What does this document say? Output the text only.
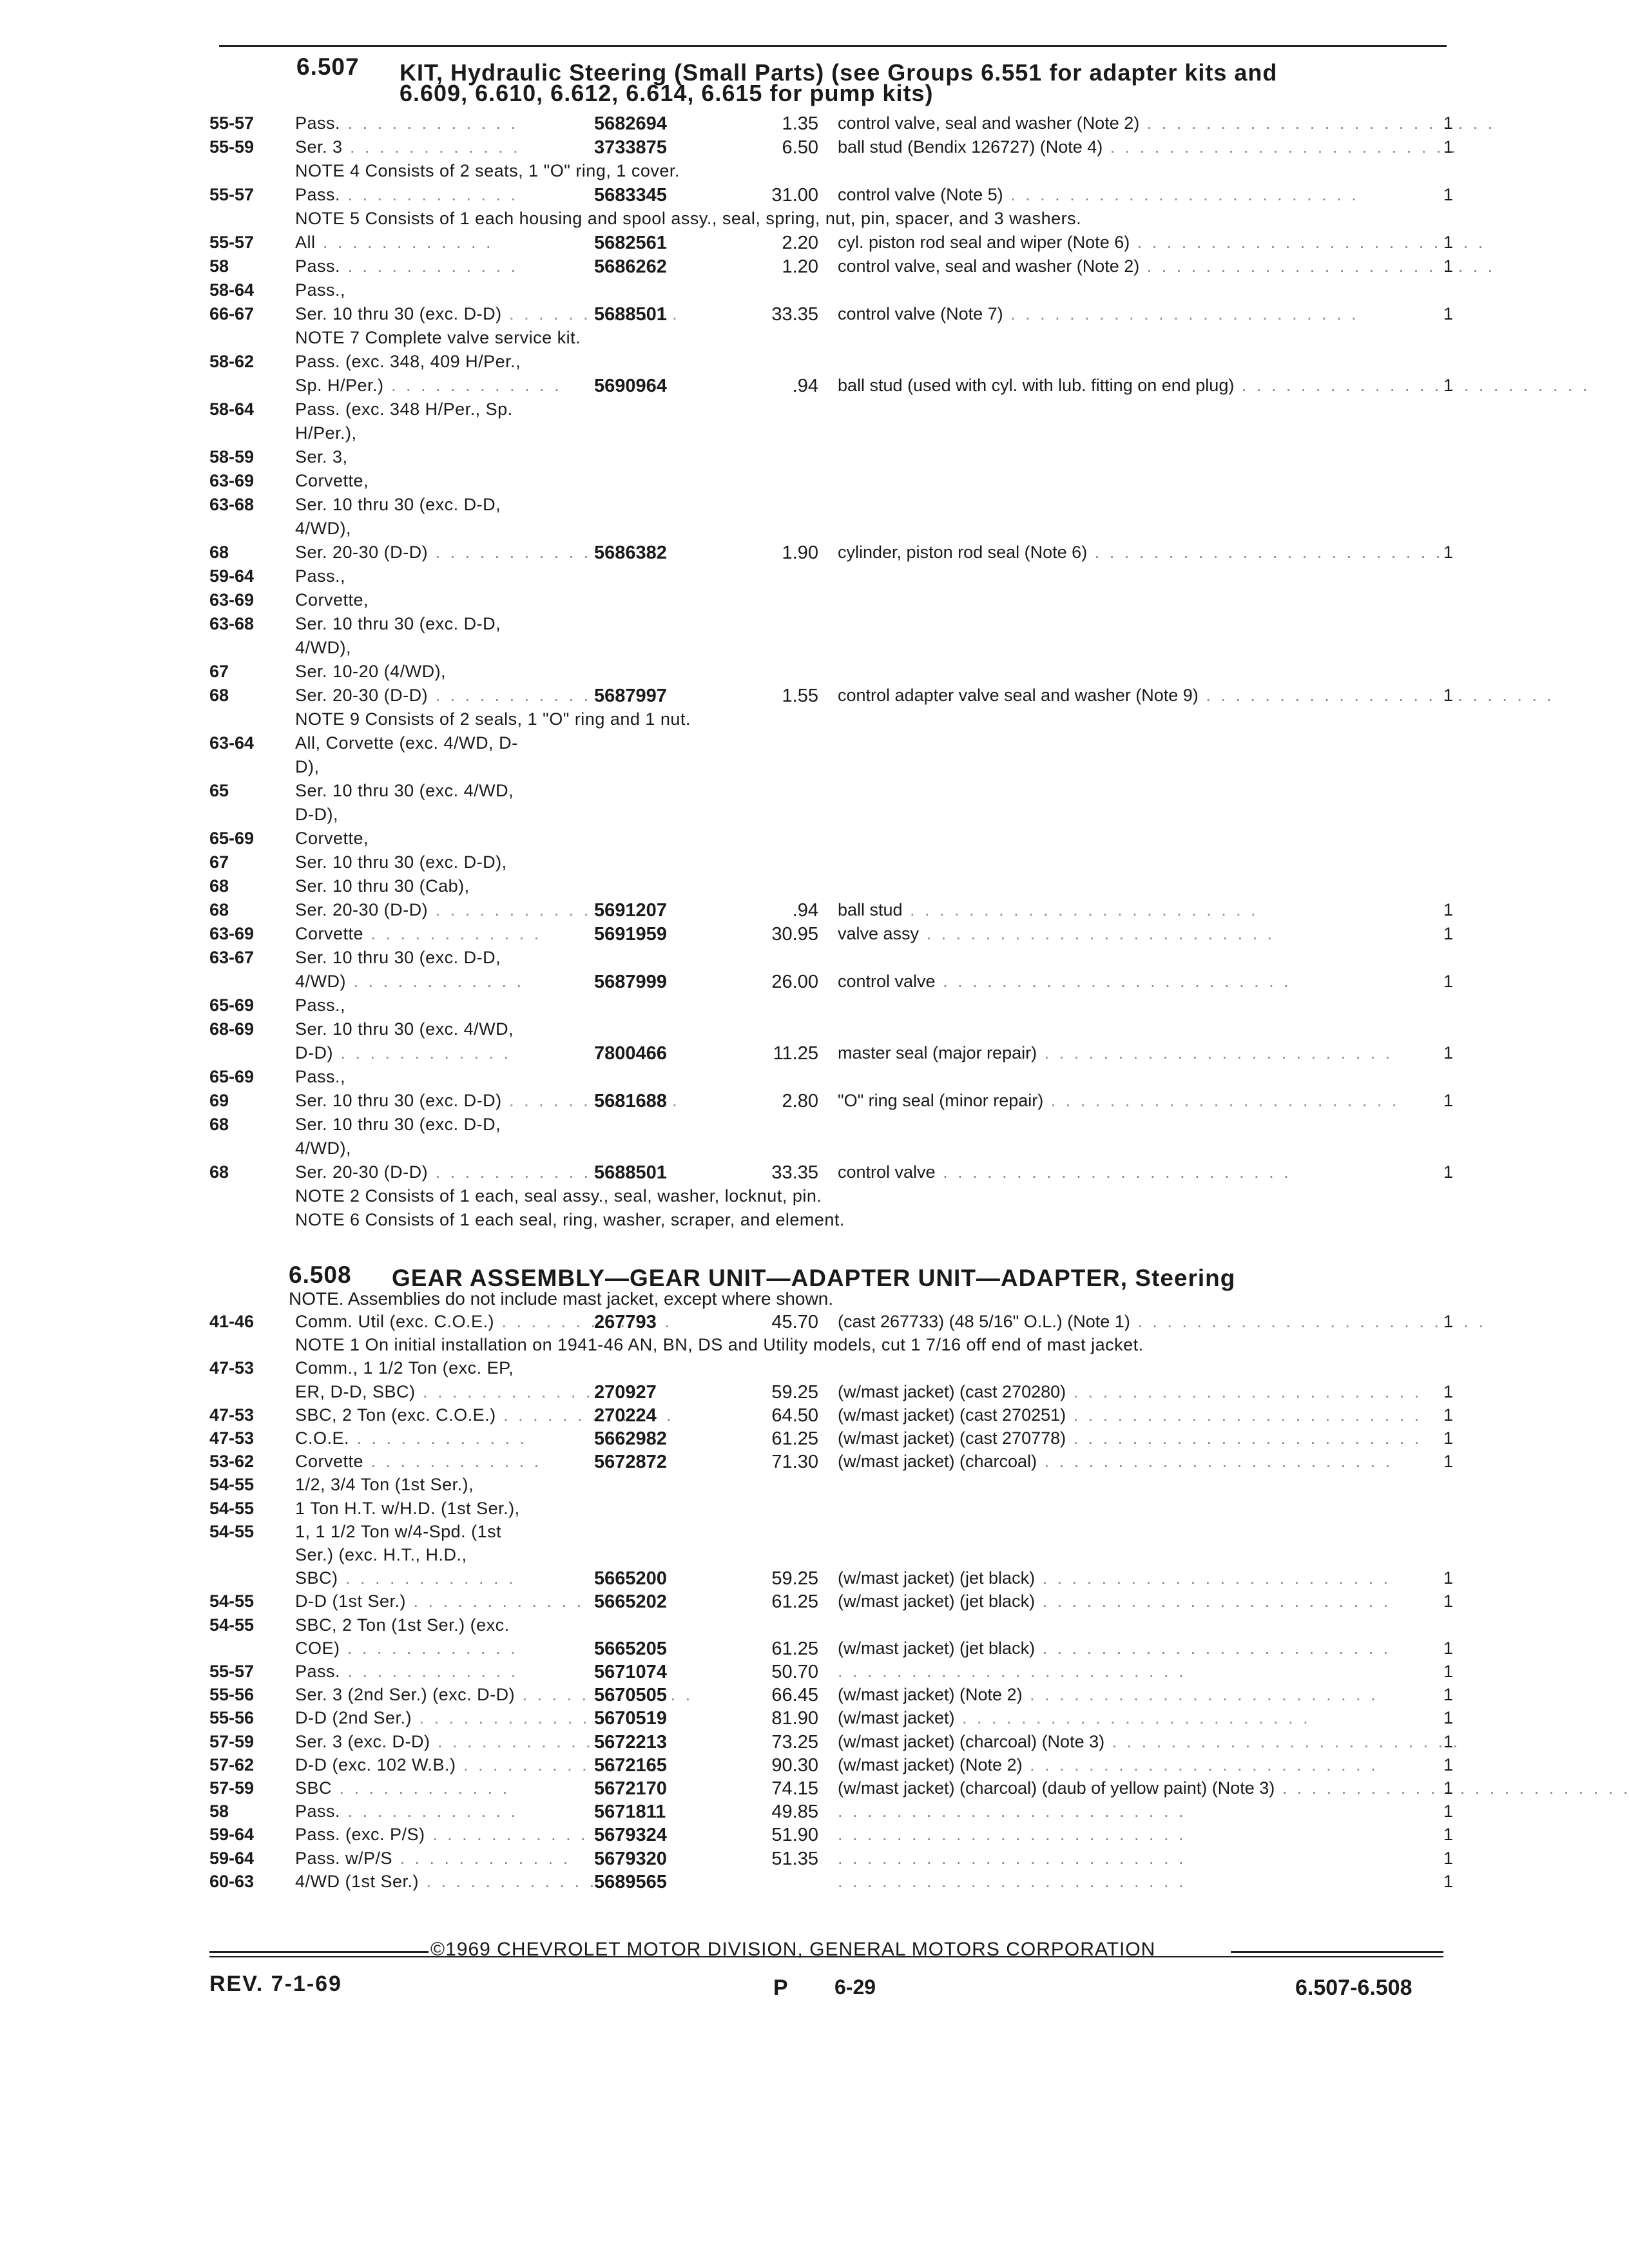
6.507 KIT, Hydraulic Steering (Small Parts) (see Groups 6.551 for adapter kits and
6.609, 6.610, 6.612, 6.614, 6.615 for pump kits)
55-57 Pass. . . .	5682694	1.35 control valve, seal and washer (Note 2) . . .	1
55-59 Ser. 3 . . .	3733875	6.50 ball stud (Bendix 126727) (Note 4) . . .	1
NOTE 4 Consists of 2 seats, 1 "O" ring, 1 cover.
55-57 Pass. . . .	5683345	31.00 control valve (Note 5) . . .	1
NOTE 5 Consists of 1 each housing and spool assy., seal, spring, nut, pin, spacer, and 3 washers.
55-57 All . . .	5682561	2.20 cyl. piston rod seal and wiper (Note 6) . . .	1
58	Pass. . . .	5686262	1.20 control valve, seal and washer (Note 2) . . .	1
58-64 Pass.,
66-67 Ser. 10 thru 30 (exc. D-D) . . .	5688501	33.35 control valve (Note 7) . . .	1
NOTE 7 Complete valve service kit.
58-62 Pass. (exc. 348, 409 H/Per.,
Sp. H/Per.) . . .	5690964	.94 ball stud (used with cyl. with lub. fitting on end plug) . . .	1
58-64 Pass. (exc. 348 H/Per., Sp.
H/Per.),
58-59 Ser. 3,
63-69 Corvette,
63-68 Ser. 10 thru 30 (exc. D-D,
4/WD),
68	Ser. 20-30 (D-D) . . .	5686382	1.90 cylinder, piston rod seal (Note 6) . . .	1
59-64 Pass.,
63-69 Corvette,
63-68 Ser. 10 thru 30 (exc. D-D,
4/WD),
67	Ser. 10-20 (4/WD),
68	Ser. 20-30 (D-D) . . .	5687997	1.55 control adapter valve seal and washer (Note 9) . . .	1
NOTE 9 Consists of 2 seals, 1 "O" ring and 1 nut.
63-64 All, Corvette (exc. 4/WD, D-
D),
65	Ser. 10 thru 30 (exc. 4/WD,
D-D),
65-69 Corvette,
67	Ser. 10 thru 30 (exc. D-D),
68	Ser. 10 thru 30 (Cab),
68	Ser. 20-30 (D-D) . . .	5691207	.94 ball stud . . .	1
63-69 Corvette . . .	5691959	30.95 valve assy . . .	1
63-67 Ser. 10 thru 30 (exc. D-D,
4/WD) . . .	5687999	26.00 control valve . . .	1
65-69 Pass.,
68-69 Ser. 10 thru 30 (exc. 4/WD,
D-D) . . .	7800466	11.25 master seal (major repair) . . .	1
65-69 Pass.,
69	Ser. 10 thru 30 (exc. D-D) . . .	5681688	2.80 "O" ring seal (minor repair) . . .	1
68	Ser. 10 thru 30 (exc. D-D,
4/WD),
68	Ser. 20-30 (D-D) . . .	5688501	33.35 control valve . . .	1
NOTE 2 Consists of 1 each, seal assy., seal, washer, locknut, pin.
NOTE 6 Consists of 1 each seal, ring, washer, scraper, and element.
6.508 GEAR ASSEMBLY—GEAR UNIT—ADAPTER UNIT—ADAPTER, Steering
NOTE. Assemblies do not include mast jacket, except where shown.
41-46 Comm. Util (exc. C.O.E.) . . .	267793	45.70 (cast 267733) (48 5/16" O.L.) (Note 1) . . .	1
NOTE 1 On initial installation on 1941-46 AN, BN, DS and Utility models, cut 1 7/16 off end of mast jacket.
47-53 Comm., 1 1/2 Ton (exc. EP,
ER, D-D, SBC) . . .	270927	59.25 (w/mast jacket) (cast 270280) . . .	1
47-53 SBC, 2 Ton (exc. C.O.E.) . . .	270224	64.50 (w/mast jacket) (cast 270251) . . .	1
47-53 C.O.E. . . .	5662982	61.25 (w/mast jacket) (cast 270778) . . .	1
53-62 Corvette . . .	5672872	71.30 (w/mast jacket) (charcoal) . . .	1
54-55 1/2, 3/4 Ton (1st Ser.),
54-55 1 Ton H.T. w/H.D. (1st Ser.),
54-55 1, 1 1/2 Ton w/4-Spd. (1st
Ser.) (exc. H.T., H.D.,
SBC) . . .	5665200	59.25 (w/mast jacket) (jet black) . . .	1
54-55 D-D (1st Ser.) . . .	5665202	61.25 (w/mast jacket) (jet black) . . .	1
54-55 SBC, 2 Ton (1st Ser.) (exc.
COE) . . .	5665205	61.25 (w/mast jacket) (jet black) . . .	1
55-57 Pass. . . .	5671074	50.70 . . .	1
55-56 Ser. 3 (2nd Ser.) (exc. D-D) . . .	5670505	66.45 (w/mast jacket) (Note 2) . . .	1
55-56 D-D (2nd Ser.) . . .	5670519	81.90 (w/mast jacket) . . .	1
57-59 Ser. 3 (exc. D-D) . . .	5672213	73.25 (w/mast jacket) (charcoal) (Note 3) . . .	1
57-62 D-D (exc. 102 W.B.) . . .	5672165	90.30 (w/mast jacket) (Note 2) . . .	1
57-59 SBC . . .	5672170	74.15 (w/mast jacket) (charcoal) (daub of yellow paint) (Note 3) . . .	1
58	Pass. . . .	5671811	49.85 . . .	1
59-64 Pass. (exc. P/S) . . .	5679324	51.90 . . .	1
59-64 Pass. w/P/S . . .	5679320	51.35 . . .	1
60-63 4/WD (1st Ser.) . . .	5689565 . . .	1
©1969 CHEVROLET MOTOR DIVISION, GENERAL MOTORS CORPORATION
REV. 7-1-69	P 6-29	6.507-6.508
